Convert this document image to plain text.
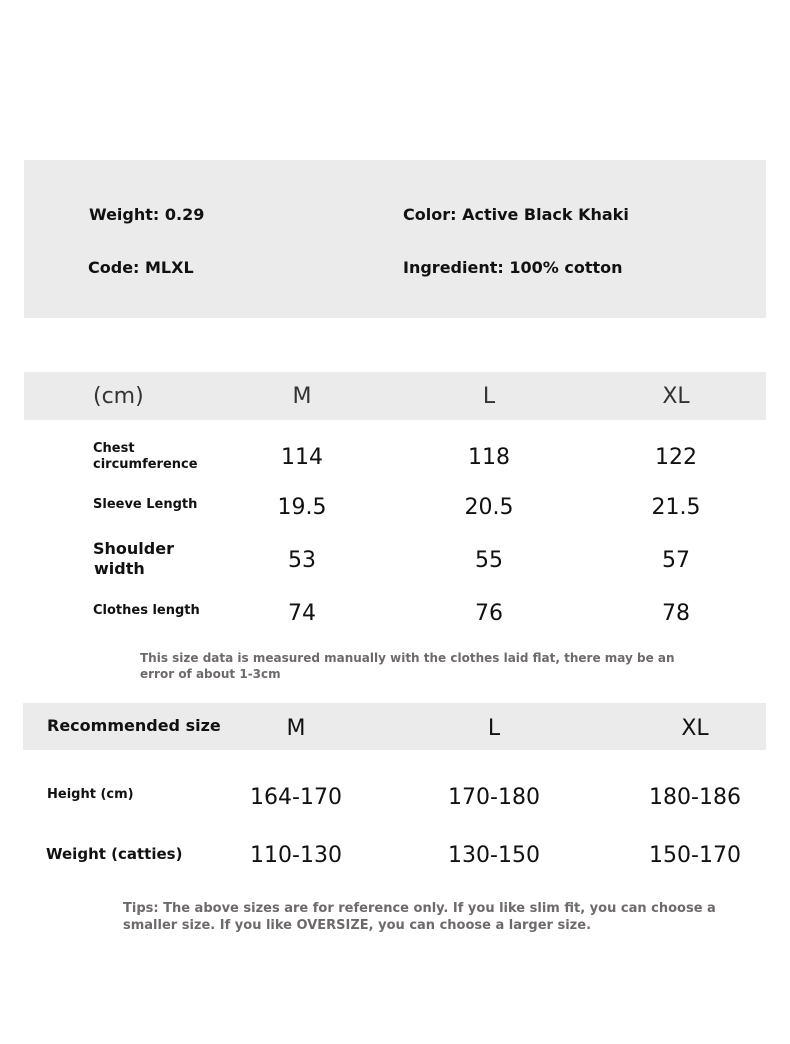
Weight: 0.29	Color: Active Black Khaki
Code: MLXL	Ingredient: 100% cotton
(cm)	M	L	XL
Chest
circumference	114	118	122
Sleeve Length	19.5	20.5	21.5
Shoulder
width	53	55	57
Clothes length	74	76	78
This size data is measured manually with the clothes laid flat, there may be an
error of about 1-3cm
Recommended size	M	L	XL
Height (cm)	164-170	170-180	180-186
Weight (catties)	110-130	130-150	150-170
Tips: The above sizes are for reference only. If you like slim fit, you can choose a
smaller size. If you like OVERSIZE, you can choose a larger size.
